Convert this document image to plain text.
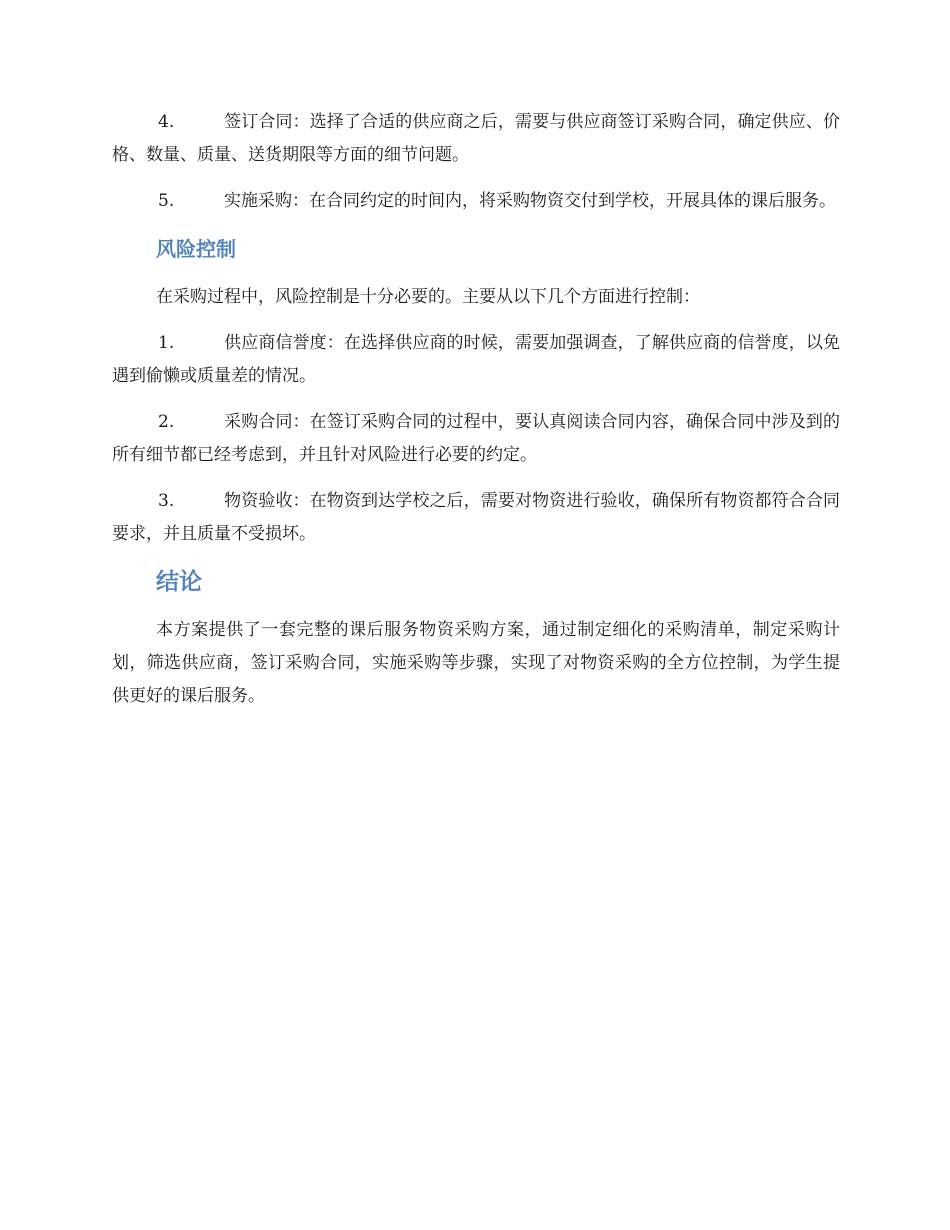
4.	签订合同：选择了合适的供应商之后，需要与供应商签订采购合同，确定供应、价格、数量、质量、送货期限等方面的细节问题。

5.	实施采购：在合同约定的时间内，将采购物资交付到学校，开展具体的课后服务。

风险控制

在采购过程中，风险控制是十分必要的。主要从以下几个方面进行控制：

1.	供应商信誉度：在选择供应商的时候，需要加强调查，了解供应商的信誉度，以免遇到偷懒或质量差的情况。

2.	采购合同：在签订采购合同的过程中，要认真阅读合同内容，确保合同中涉及到的所有细节都已经考虑到，并且针对风险进行必要的约定。

3.	物资验收：在物资到达学校之后，需要对物资进行验收，确保所有物资都符合合同要求，并且质量不受损坏。

结论

本方案提供了一套完整的课后服务物资采购方案，通过制定细化的采购清单，制定采购计划，筛选供应商，签订采购合同，实施采购等步骤，实现了对物资采购的全方位控制，为学生提供更好的课后服务。
